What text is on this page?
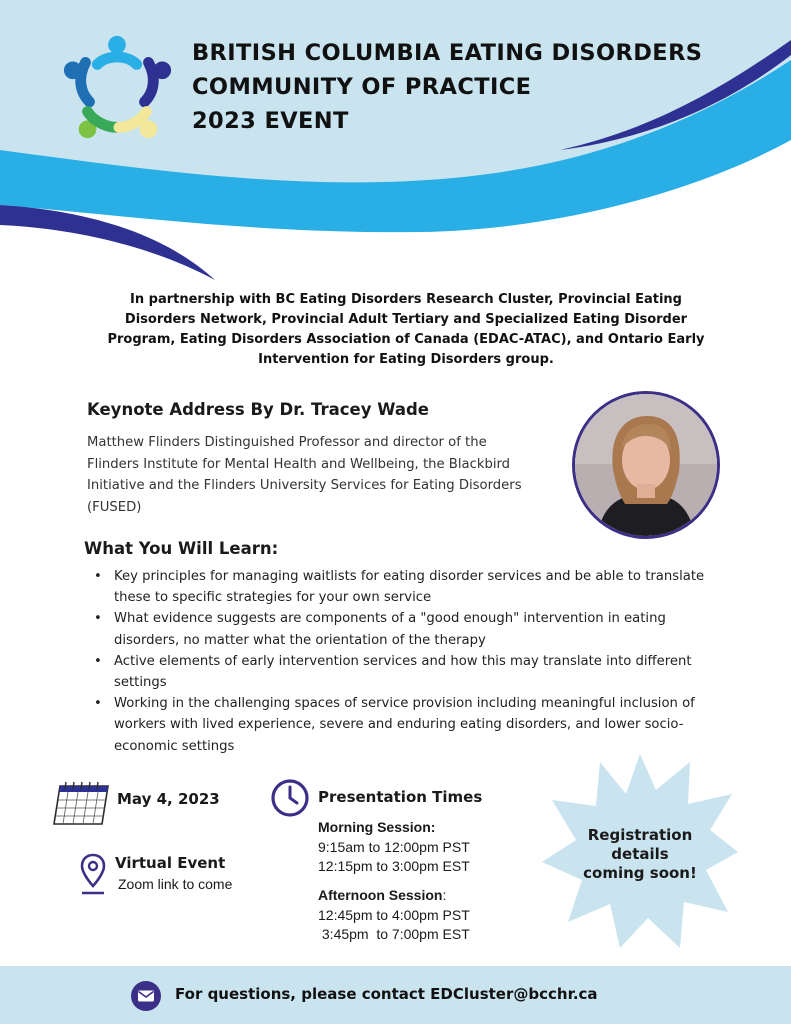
BRITISH COLUMBIA EATING DISORDERS
COMMUNITY OF PRACTICE
2023 EVENT
In partnership with BC Eating Disorders Research Cluster, Provincial Eating Disorders Network, Provincial Adult Tertiary and Specialized Eating Disorder Program, Eating Disorders Association of Canada (EDAC-ATAC), and Ontario Early Intervention for Eating Disorders group.
Keynote Address By Dr. Tracey Wade
Matthew Flinders Distinguished Professor and director of the Flinders Institute for Mental Health and Wellbeing, the Blackbird Initiative and the Flinders University Services for Eating Disorders (FUSED)
What You Will Learn:
• Key principles for managing waitlists for eating disorder services and be able to translate these to specific strategies for your own service
• What evidence suggests are components of a "good enough" intervention in eating disorders, no matter what the orientation of the therapy
• Active elements of early intervention services and how this may translate into different settings
• Working in the challenging spaces of service provision including meaningful inclusion of workers with lived experience, severe and enduring eating disorders, and lower socio-economic settings
May 4, 2023
Virtual Event
Zoom link to come
Presentation Times
Morning Session:
9:15am to 12:00pm PST
12:15pm to 3:00pm EST
Afternoon Session:
12:45pm to 4:00pm PST
3:45pm  to 7:00pm EST
Registration
details
coming soon!
For questions, please contact EDCluster@bcchr.ca
